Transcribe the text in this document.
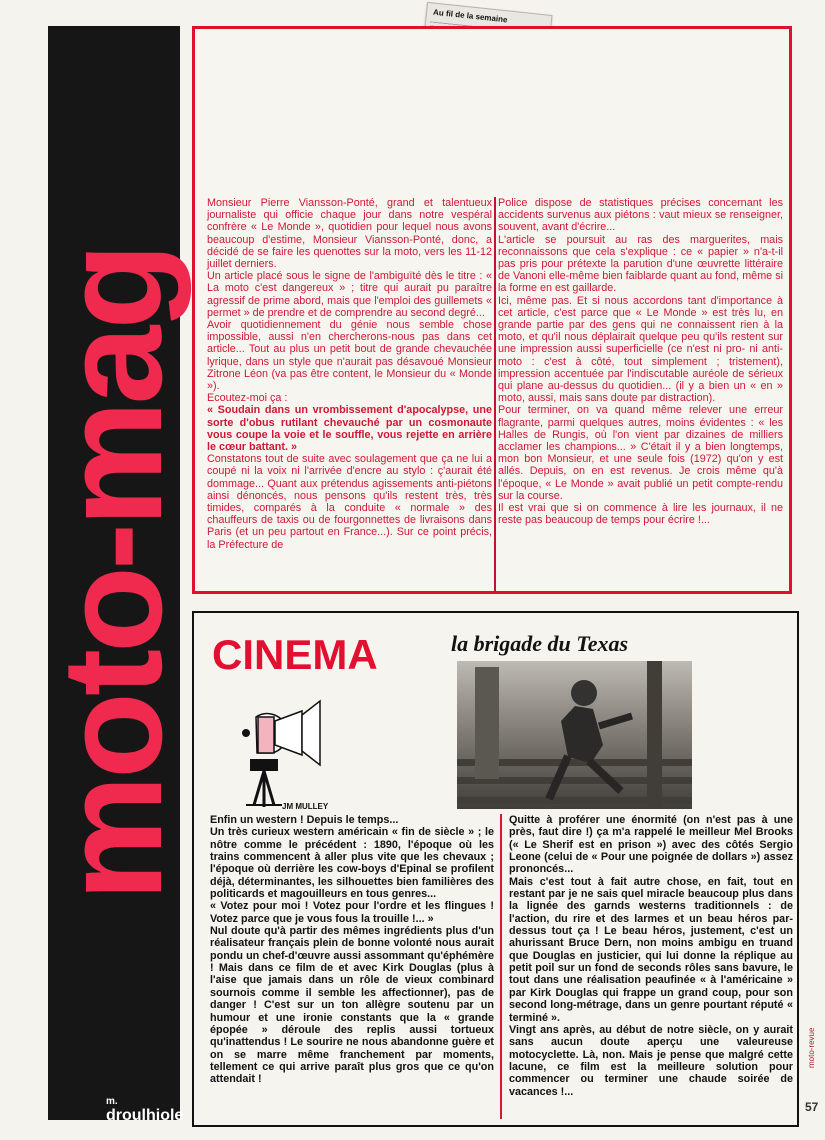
moto-mag
m.
droulhiole
Au fil de la semaine
Monsieur Pierre Viansson-Ponté, grand et talentueux journaliste qui officie chaque jour dans notre vespéral confrère « Le Monde », quotidien pour lequel nous avons beaucoup d'estime, Monsieur Viansson-Ponté, donc, a décidé de se faire les quenottes sur la moto, vers les 11-12 juillet derniers.
Un article placé sous le signe de l'ambiguïté dès le titre : « La moto c'est dangereux » ; titre qui aurait pu paraître agressif de prime abord, mais que l'emploi des guillemets « permet » de prendre et de comprendre au second degré...
Avoir quotidiennement du génie nous semble chose impossible, aussi n'en chercherons-nous pas dans cet article... Tout au plus un petit bout de grande chevauchée lyrique, dans un style que n'aurait pas désavoué Monsieur Zitrone Léon (va pas être content, le Monsieur du « Monde »).
Ecoutez-moi ça :
« Soudain dans un vrombissement d'apocalypse, une sorte d'obus rutilant chevauché par un cosmonaute vous coupe la voie et le souffle, vous rejette en arrière le cœur battant. »
Constatons tout de suite avec soulagement que ça ne lui a coupé ni la voix ni l'arrivée d'encre au stylo : ç'aurait été dommage... Quant aux prétendus agissements anti-piétons ainsi dénoncés, nous pensons qu'ils restent très, très timides, comparés à la conduite « normale » des chauffeurs de taxis ou de fourgonnettes de livraisons dans Paris (et un peu partout en France...). Sur ce point précis, la Préfecture de
Police dispose de statistiques précises concernant les accidents survenus aux piétons : vaut mieux se renseigner, souvent, avant d'écrire...
L'article se poursuit au ras des marguerites, mais reconnaissons que cela s'explique : ce « papier » n'a-t-il pas pris pour prétexte la parution d'une œuvrette littéraire de Vanoni elle-même bien faiblarde quant au fond, même si la forme en est gaillarde.
Ici, même pas. Et si nous accordons tant d'importance à cet article, c'est parce que « Le Monde » est très lu, en grande partie par des gens qui ne connaissent rien à la moto, et qu'il nous déplairait quelque peu qu'ils restent sur une impression aussi superficielle (ce n'est ni pro- ni anti-moto : c'est à côté, tout simplement ; tristement), impression accentuée par l'indiscutable auréole de sérieux qui plane au-dessus du quotidien... (il y a bien un « en » moto, aussi, mais sans doute par distraction).
Pour terminer, on va quand même relever une erreur flagrante, parmi quelques autres, moins évidentes : « les Halles de Rungis, où l'on vient par dizaines de milliers acclamer les champions... » C'était il y a bien longtemps, mon bon Monsieur, et une seule fois (1972) qu'on y est allés. Depuis, on en est revenus. Je crois même qu'à l'époque, « Le Monde » avait publié un petit compte-rendu sur la course.
Il est vrai que si on commence à lire les journaux, il ne reste pas beaucoup de temps pour écrire !...
CINEMA	la brigade du Texas
JM MULLEY
Enfin un western ! Depuis le temps...
Un très curieux western américain « fin de siècle » ; le nôtre comme le précédent : 1890, l'époque où les trains commencent à aller plus vite que les chevaux ; l'époque où derrière les cow-boys d'Epinal se profilent déjà, déterminantes, les silhouettes bien familières des politicards et magouilleurs en tous genres...
« Votez pour moi ! Votez pour l'ordre et les flingues ! Votez parce que je vous fous la trouille !... »
Nul doute qu'à partir des mêmes ingrédients plus d'un réalisateur français plein de bonne volonté nous aurait pondu un chef-d'œuvre aussi assommant qu'éphémère ! Mais dans ce film de et avec Kirk Douglas (plus à l'aise que jamais dans un rôle de vieux combinard sournois comme il semble les affectionner), pas de danger ! C'est sur un ton allègre soutenu par un humour et une ironie constants que la « grande épopée » déroule des replis aussi tortueux qu'inattendus ! Le sourire ne nous abandonne guère et on se marre même franchement par moments, tellement ce qui arrive paraît plus gros que ce qu'on attendait !
Quitte à proférer une énormité (on n'est pas à une près, faut dire !) ça m'a rappelé le meilleur Mel Brooks (« Le Sherif est en prison ») avec des côtés Sergio Leone (celui de « Pour une poignée de dollars ») assez prononcés...
Mais c'est tout à fait autre chose, en fait, tout en restant par je ne sais quel miracle beaucoup plus dans la lignée des garnds westerns traditionnels : de l'action, du rire et des larmes et un beau héros par-dessus tout ça ! Le beau héros, justement, c'est un ahurissant Bruce Dern, non moins ambigu en truand que Douglas en justicier, qui lui donne la réplique au petit poil sur un fond de seconds rôles sans bavure, le tout dans une réalisation peaufinée « à l'américaine » par Kirk Douglas qui frappe un grand coup, pour son second long-métrage, dans un genre pourtant réputé « terminé ».
Vingt ans après, au début de notre siècle, on y aurait sans aucun doute aperçu une valeureuse motocyclette. Là, non. Mais je pense que malgré cette lacune, ce film est la meilleure solution pour commencer ou terminer une chaude soirée de vacances !...
moto-revue
57
